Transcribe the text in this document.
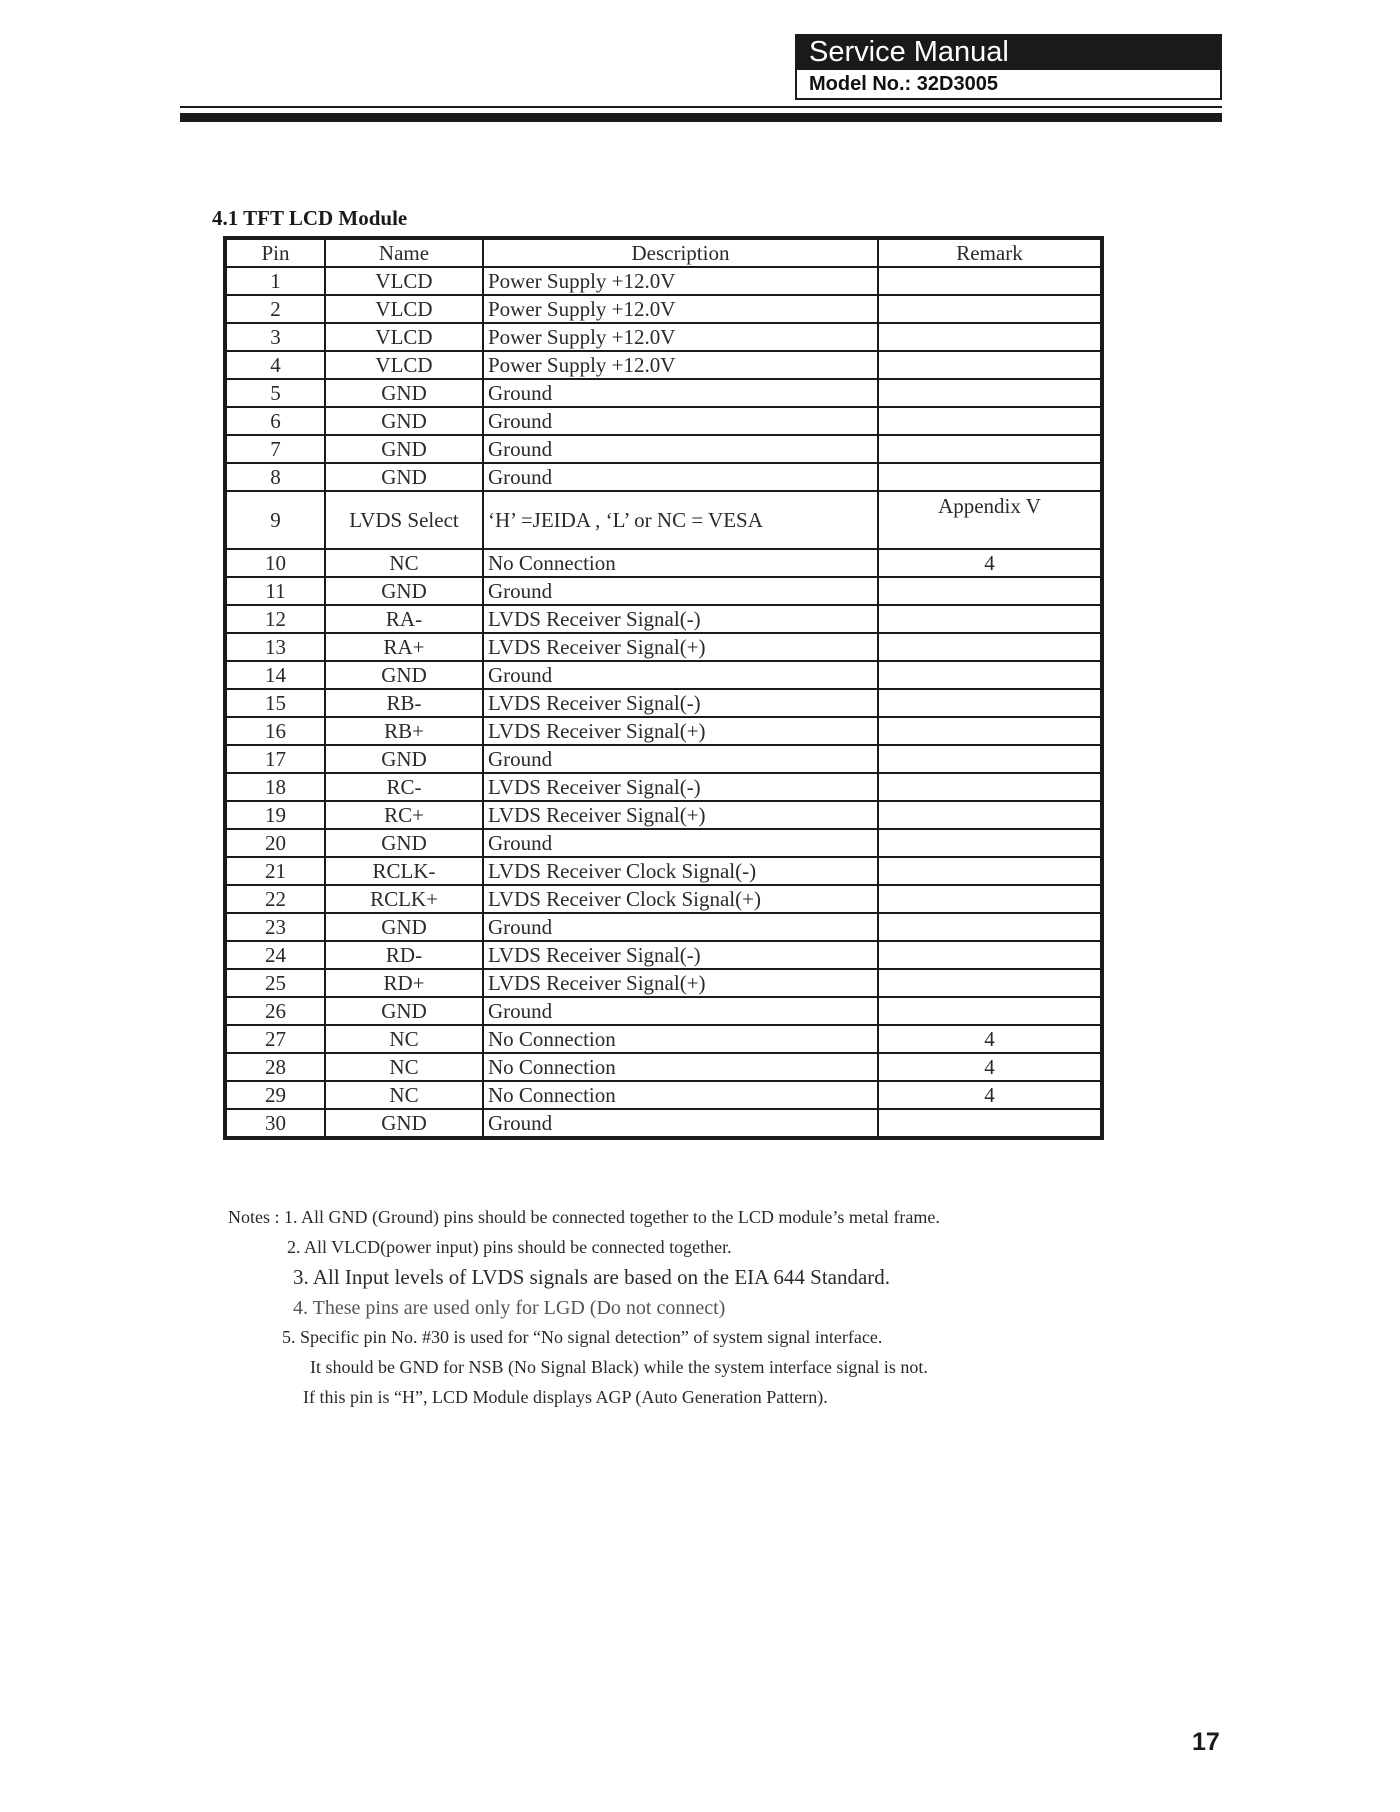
Service Manual
Model No.: 32D3005
4.1 TFT LCD Module
Pin	Name	Description	Remark
1	VLCD	Power Supply +12.0V	
2	VLCD	Power Supply +12.0V	
3	VLCD	Power Supply +12.0V	
4	VLCD	Power Supply +12.0V	
5	GND	Ground	
6	GND	Ground	
7	GND	Ground	
8	GND	Ground	
9	LVDS Select	‘H’ =JEIDA , ‘L’ or NC = VESA	Appendix V
10	NC	No Connection	4
11	GND	Ground	
12	RA-	LVDS Receiver Signal(-)	
13	RA+	LVDS Receiver Signal(+)	
14	GND	Ground	
15	RB-	LVDS Receiver Signal(-)	
16	RB+	LVDS Receiver Signal(+)	
17	GND	Ground	
18	RC-	LVDS Receiver Signal(-)	
19	RC+	LVDS Receiver Signal(+)	
20	GND	Ground	
21	RCLK-	LVDS Receiver Clock Signal(-)	
22	RCLK+	LVDS Receiver Clock Signal(+)	
23	GND	Ground	
24	RD-	LVDS Receiver Signal(-)	
25	RD+	LVDS Receiver Signal(+)	
26	GND	Ground	
27	NC	No Connection	4
28	NC	No Connection	4
29	NC	No Connection	4
30	GND	Ground	
Notes : 1. All GND (Ground) pins should be connected together to the LCD module’s metal frame.
2. All VLCD(power input) pins should be connected together.
3. All Input levels of LVDS signals are based on the EIA 644 Standard.
4. These pins are used only for LGD (Do not connect)
5. Specific pin No. #30 is used for “No signal detection” of system signal interface.
It should be GND for NSB (No Signal Black) while the system interface signal is not.
If this pin is “H”, LCD Module displays AGP (Auto Generation Pattern).
17
